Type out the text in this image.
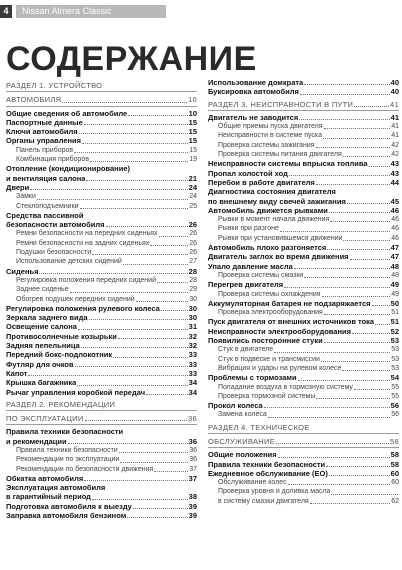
4	Nissan Almera Classic
СОДЕРЖАНИЕ
РАЗДЕЛ 1. УСТРОЙСТВО
АВТОМОБИЛЯ	10
Общие сведения об автомобиле	10
Паспортные данные	15
Ключи автомобиля	15
Органы управления	15
Панель приборов	15
Комбинация приборов	19
Отопление (кондиционирование)
и вентиляция салона	21
Двери	24
Замки	24
Стеклоподъемники	25
Средства пассивной
безопасности автомобиля	26
Ремни безопасности на передних сиденьях	26
Ремни безопасности на задних сиденьях	26
Подушки безопасности	26
Использование детских сидений	27
Сиденья	28
Регулировка положения передних сидений	28
Заднее сиденье	29
Обогрев подушек передних сидений	30
Регулировка положения рулевого колеса	30
Зеркала заднего вида	30
Освещение салона	31
Противосолнечные козырьки	32
Задняя пепельница	32
Передний бокс-подлокотник	33
Футляр для очков	33
Капот	33
Крышка багажника	34
Рычаг управления коробкой передач	34
РАЗДЕЛ 2. РЕКОМЕНДАЦИИ
ПО ЭКСПЛУАТАЦИИ	36
Правила техники безопасности
и рекомендации	36
Правила техники безопасности	36
Рекомендации по эксплуатации	36
Рекомендации по безопасности движения	37
Обкатка автомобиля	37
Эксплуатация автомобиля
в гарантийный период	38
Подготовка автомобиля к выезду	39
Заправка автомобиля бензином	39
Использование домкрата	40
Буксировка автомобиля	40
РАЗДЕЛ 3. НЕИСПРАВНОСТИ В ПУТИ	41
Двигатель не заводится	41
Общие приемы пуска двигателя	41
Неисправности в системе пуска	41
Проверка системы зажигания	42
Проверка системы питания двигателя	42
Неисправности системы впрыска топлива	43
Пропал холостой ход	43
Перебои в работе двигателя	44
Диагностика состояния двигателя
по внешнему виду свечей зажигания	45
Автомобиль движется рывками	46
Рывки в момент начала движения	46
Рывки при разгоне	46
Рывки при установившемся движении	46
Автомобиль плохо разгоняется	47
Двигатель заглох во время движения	47
Упало давление масла	48
Проверка системы смазки	48
Перегрев двигателя	49
Проверка системы охлаждения	49
Аккумуляторная батарея не подзаряжается	50
Проверка электрооборудования	51
Пуск двигателя от внешних источников тока 51
Неисправности электрооборудования	52
Появились посторонние стуки	53
Стук в двигателе	53
Стук в подвеске и трансмиссии	53
Вибрация и удары на рулевом колесе	53
Проблемы с тормозами	54
Попадание воздуха в тормозную систему	55
Проверка тормозной системы	55
Прокол колеса	56
Замена колеса	56
РАЗДЕЛ 4. ТЕХНИЧЕСКОЕ
ОБСЛУЖИВАНИЕ	58
Общие положения	58
Правила техники безопасности	58
Ежедневное обслуживание (ЕО)	60
Обслуживание колес	60
Проверка уровня и доливка масла
в систему смазки двигателя	62
